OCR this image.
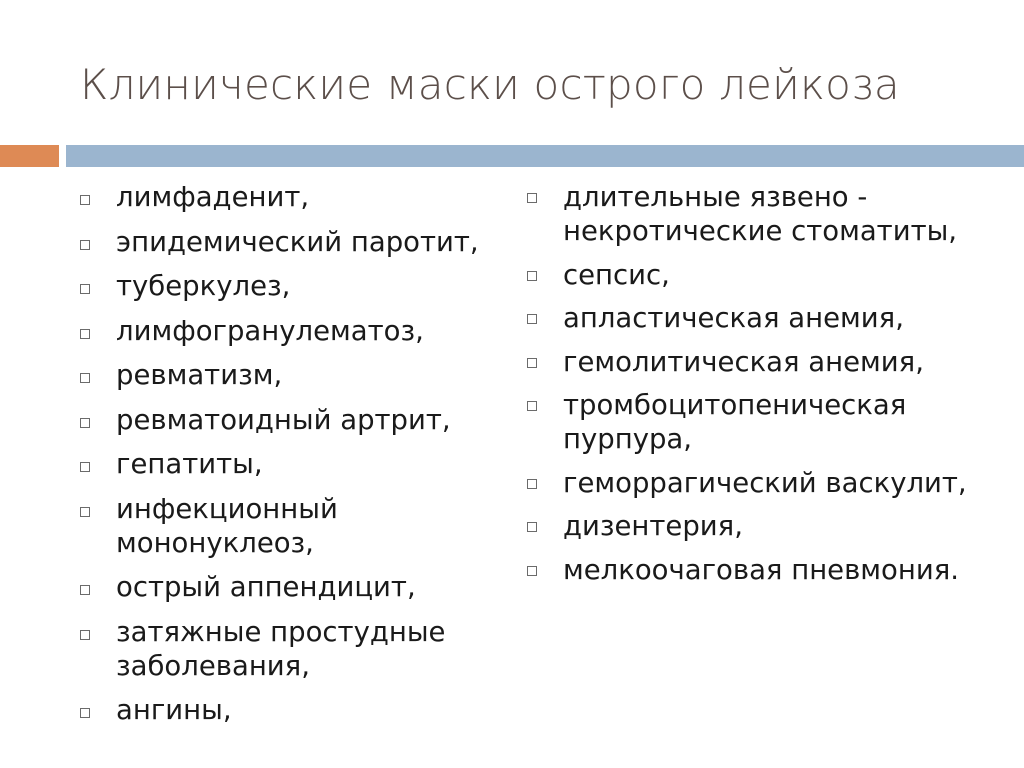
Клинические маски острого лейкоза
лимфаденит,
эпидемический паротит,
туберкулез,
лимфогранулематоз,
ревматизм,
ревматоидный артрит,
гепатиты,
инфекционный мононуклеоз,
острый аппендицит,
затяжные простудные заболевания,
ангины,
длительные язвено - некротические стоматиты,
сепсис,
апластическая анемия,
гемолитическая анемия,
тромбоцитопеническая пурпура,
геморрагический васкулит,
дизентерия,
мелкоочаговая пневмония.
